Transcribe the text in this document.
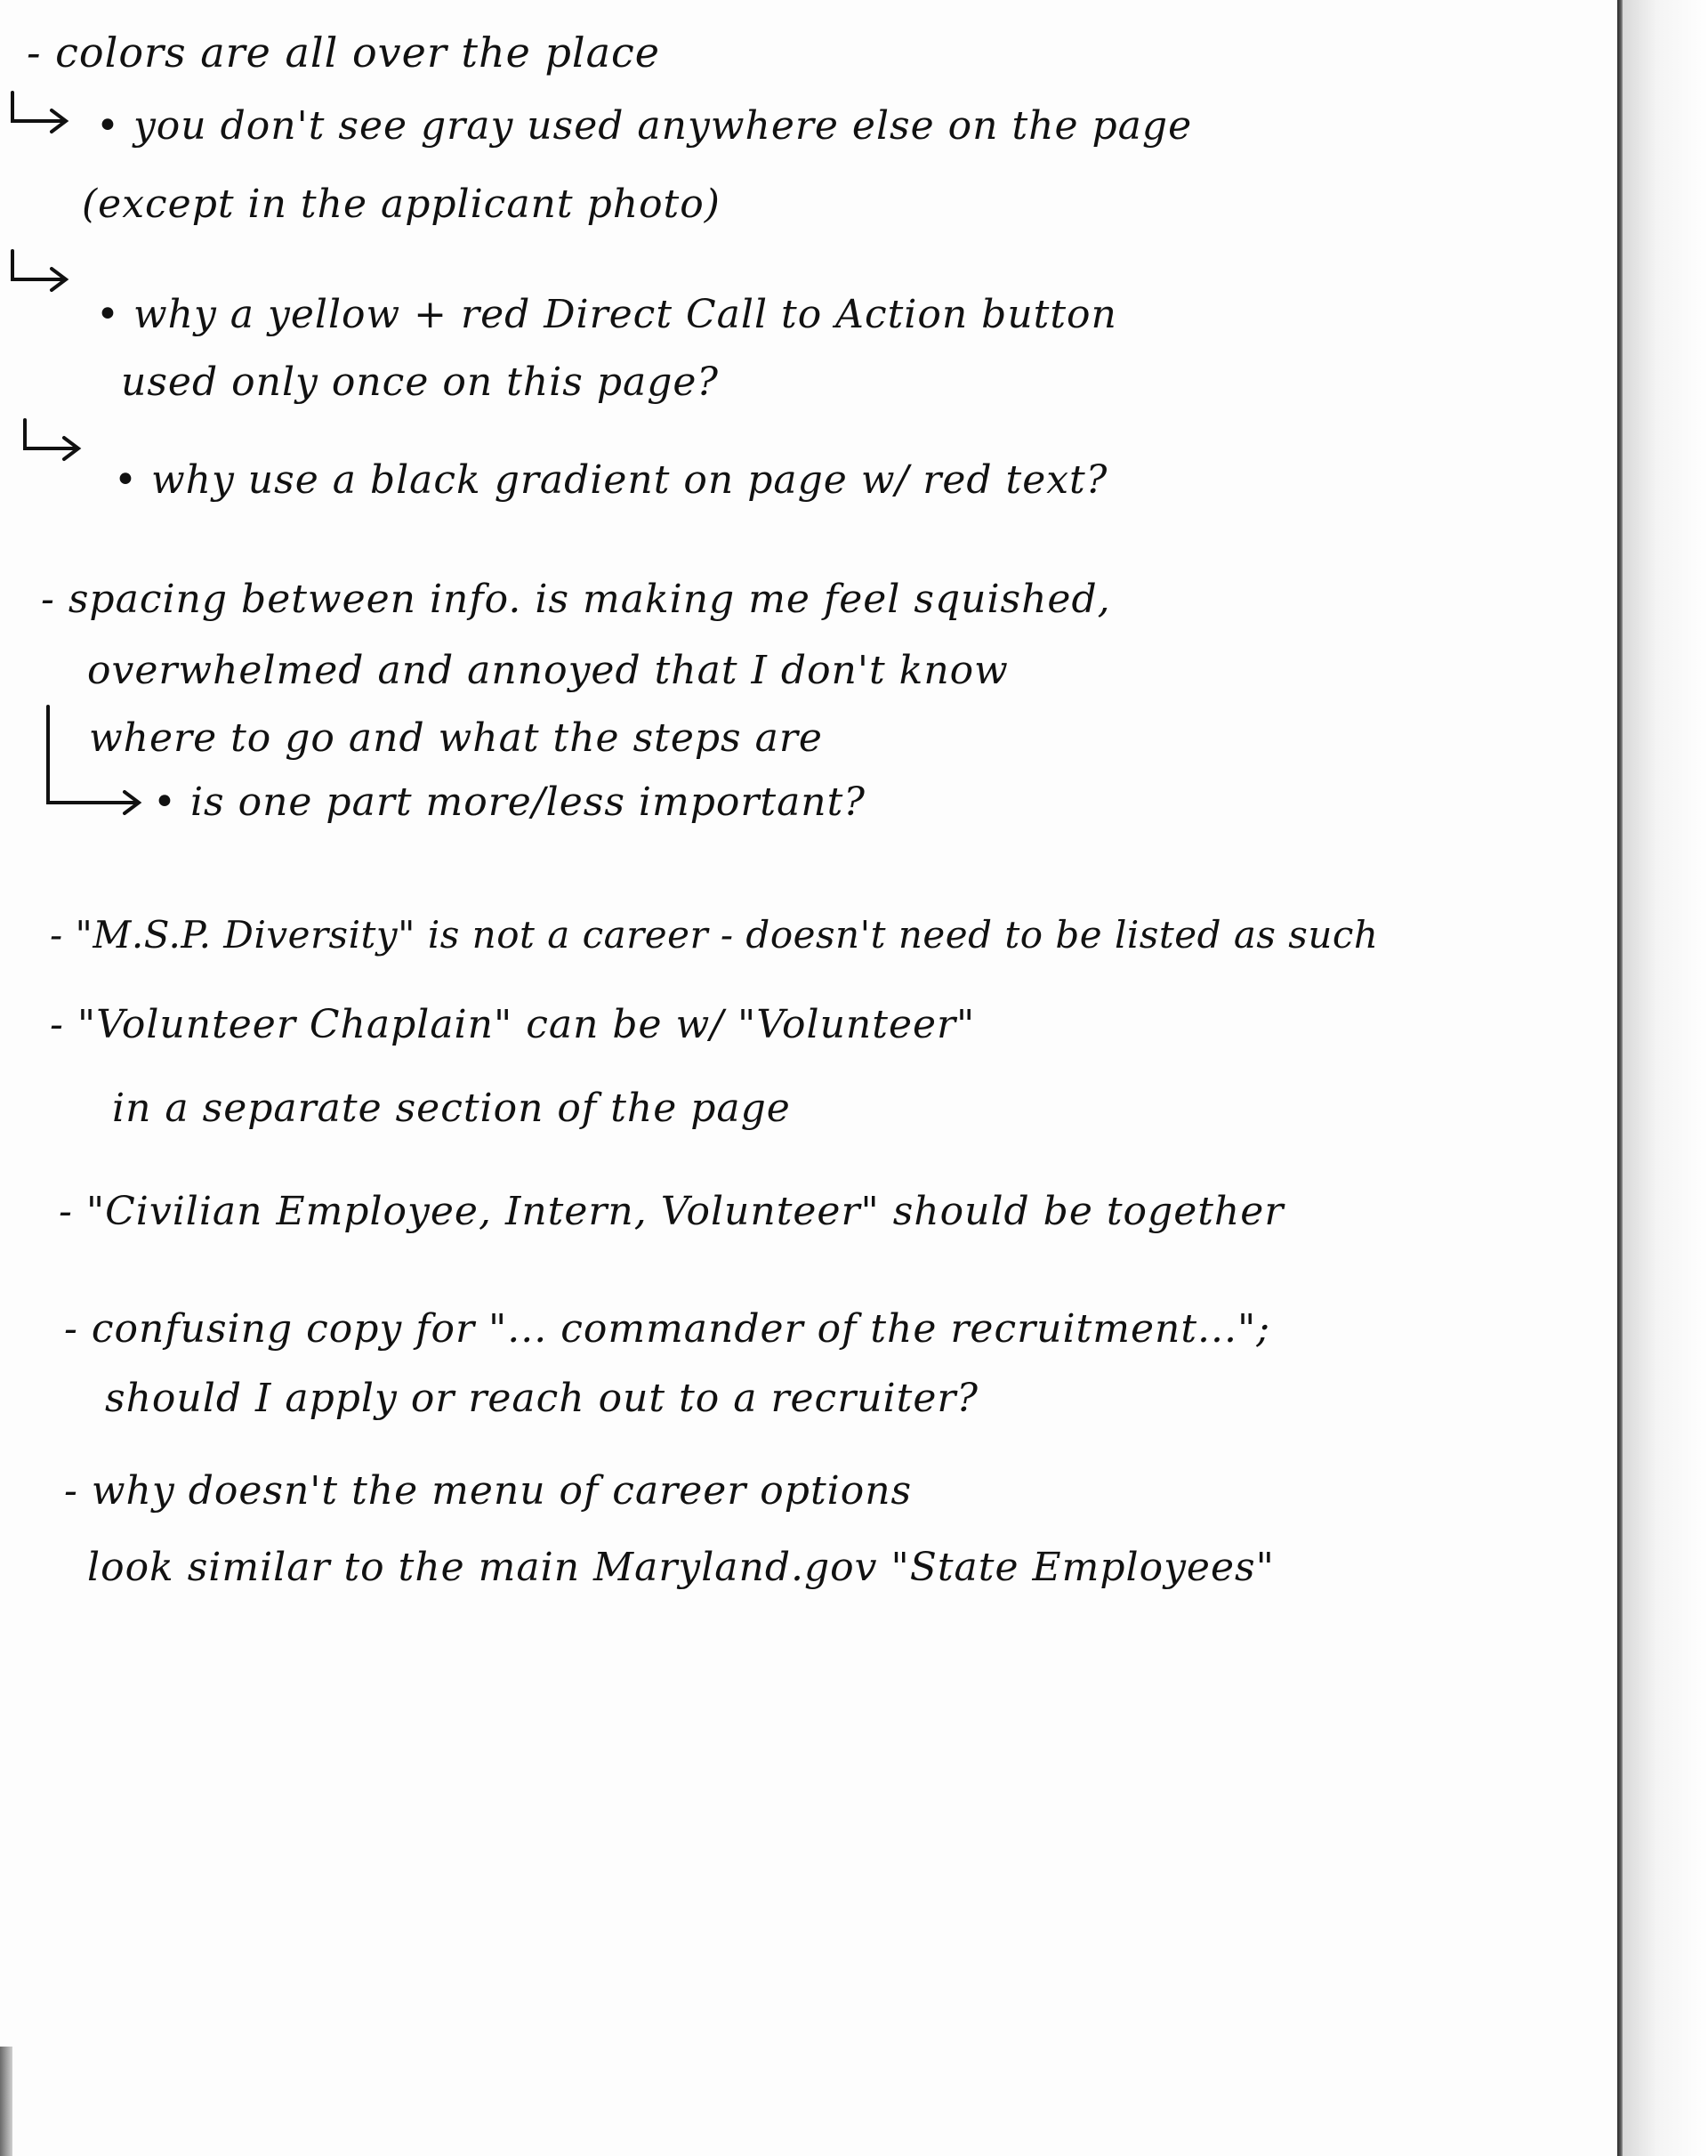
- colors are all over the place

• you don't see gray used anywhere else on the page

(except in the applicant photo)

• why a yellow + red Direct Call to Action button

used only once on this page?

• why use a black gradient on page w/ red text?

- spacing between info. is making me feel squished,

overwhelmed and annoyed that I don't know

where to go and what the steps are

• is one part more/less important?

- "M.S.P. Diversity" is not a career - doesn't need to be listed as such

- "Volunteer Chaplain" can be w/ "Volunteer"

in a separate section of the page

- "Civilian Employee, Intern, Volunteer" should be together

- confusing copy for "... commander of the recruitment...";

should I apply or reach out to a recruiter?

- why doesn't the menu of career options

look similar to the main Maryland.gov "State Employees"
